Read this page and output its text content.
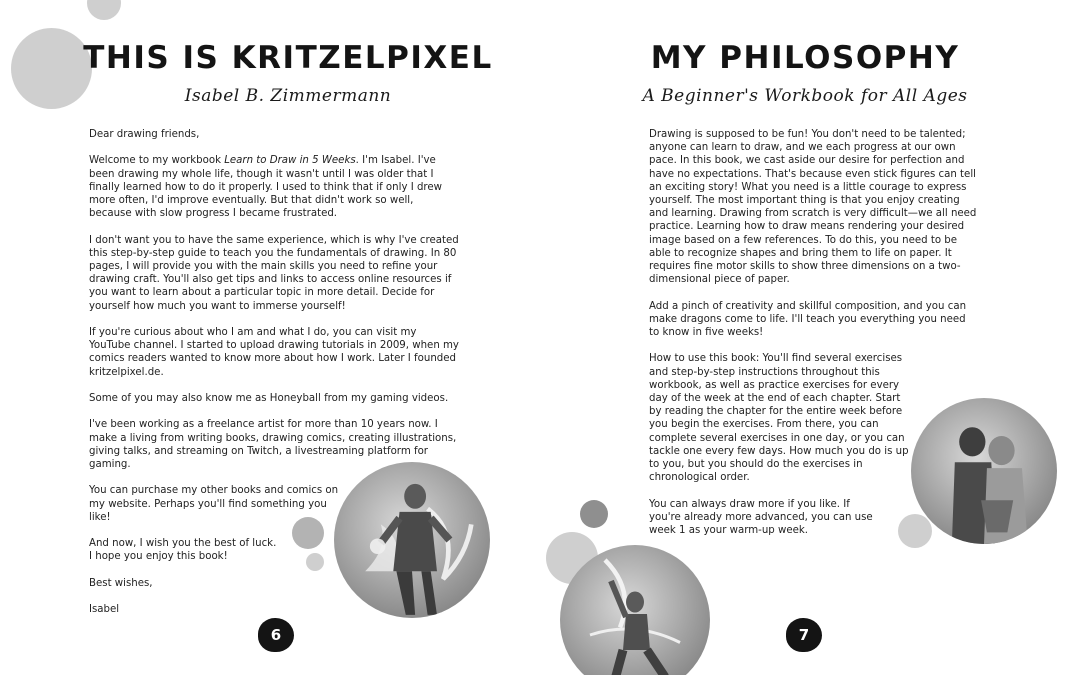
THIS IS KRITZELPIXEL
Isabel B. Zimmermann

Dear drawing friends,

Welcome to my workbook Learn to Draw in 5 Weeks. I'm Isabel. I've been drawing my whole life, though it wasn't until I was older that I finally learned how to do it properly. I used to think that if only I drew more often, I'd improve eventually. But that didn't work so well, because with slow progress I became frustrated.

I don't want you to have the same experience, which is why I've created this step-by-step guide to teach you the fundamentals of drawing. In 80 pages, I will provide you with the main skills you need to refine your drawing craft. You'll also get tips and links to access online resources if you want to learn about a particular topic in more detail. Decide for yourself how much you want to immerse yourself!

If you're curious about who I am and what I do, you can visit my YouTube channel. I started to upload drawing tutorials in 2009, when my comics readers wanted to know more about how I work. Later I founded kritzelpixel.de.

Some of you may also know me as Honeyball from my gaming videos.

I've been working as a freelance artist for more than 10 years now. I make a living from writing books, drawing comics, creating illustrations, giving talks, and streaming on Twitch, a livestreaming platform for gaming.

You can purchase my other books and comics on my website. Perhaps you'll find something you like!

And now, I wish you the best of luck.

I hope you enjoy this book!

Best wishes,

Isabel

6
MY PHILOSOPHY
A Beginner's Workbook for All Ages

Drawing is supposed to be fun! You don't need to be talented; anyone can learn to draw, and we each progress at our own pace. In this book, we cast aside our desire for perfection and have no expectations. That's because even stick figures can tell an exciting story! What you need is a little courage to express yourself. The most important thing is that you enjoy creating and learning. Drawing from scratch is very difficult—we all need practice. Learning how to draw means rendering your desired image based on a few references. To do this, you need to be able to recognize shapes and bring them to life on paper. It requires fine motor skills to show three dimensions on a two-dimensional piece of paper.

Add a pinch of creativity and skillful composition, and you can make dragons come to life. I'll teach you everything you need to know in five weeks!

How to use this book: You'll find several exercises and step-by-step instructions throughout this workbook, as well as practice exercises for every day of the week at the end of each chapter. Start by reading the chapter for the entire week before you begin the exercises. From there, you can complete several exercises in one day, or you can tackle one every few days. How much you do is up to you, but you should do the exercises in chronological order.

You can always draw more if you like. If you're already more advanced, you can use week 1 as your warm-up week.

7
